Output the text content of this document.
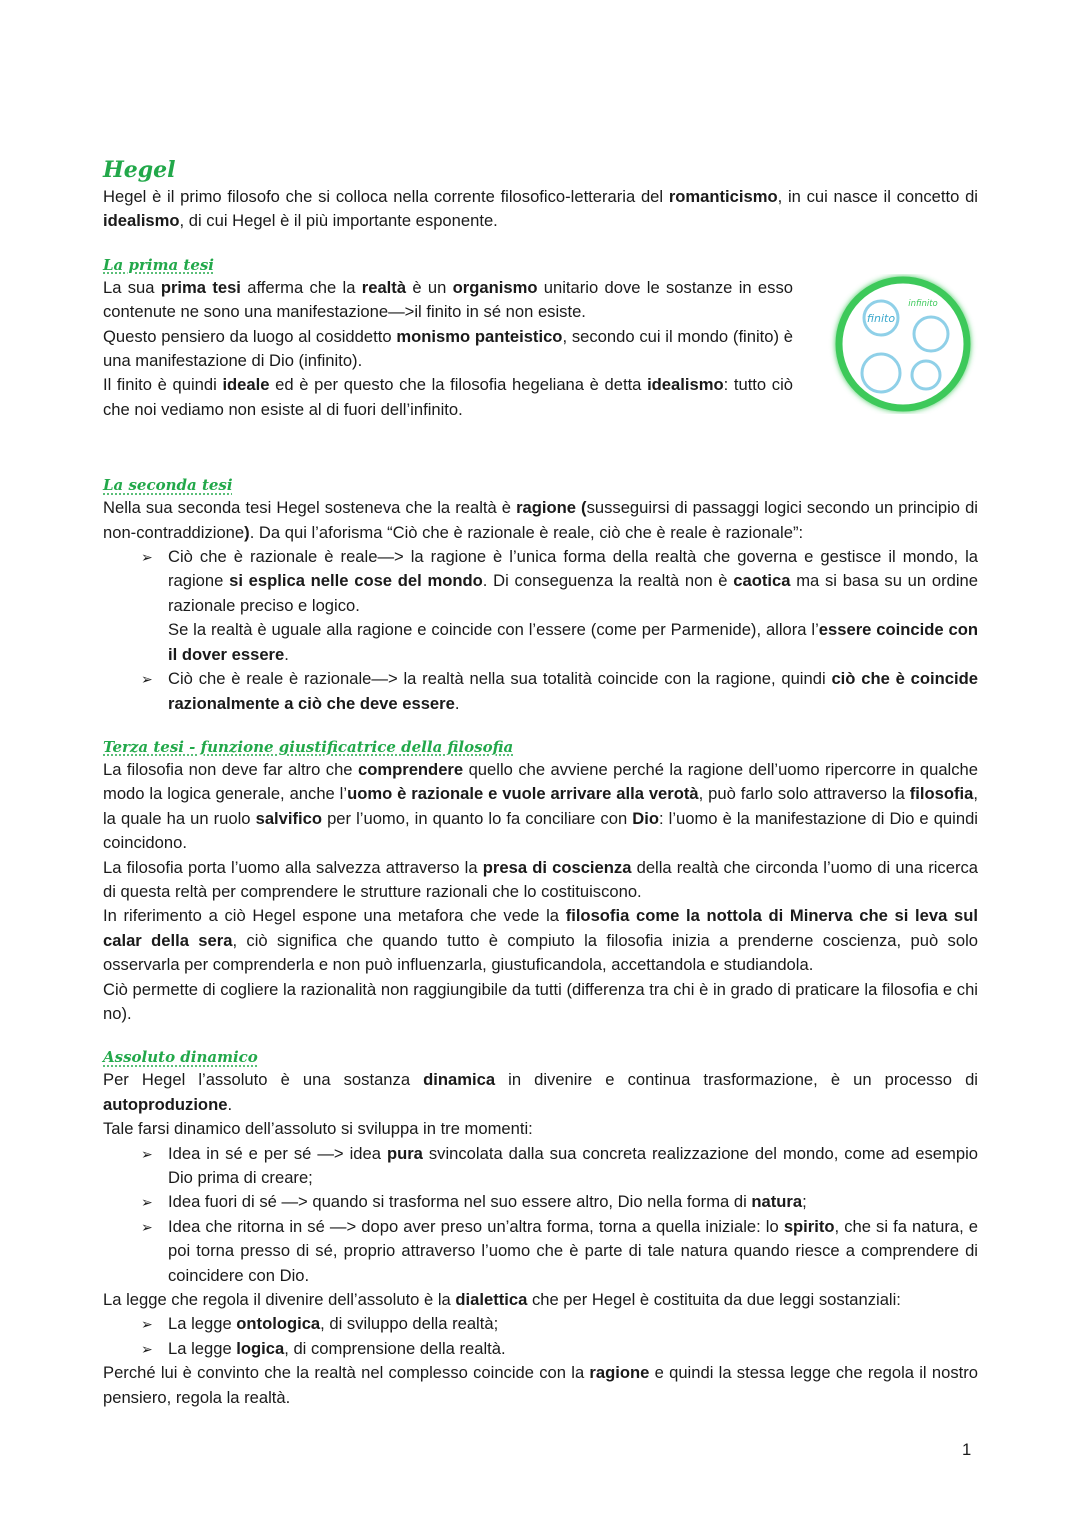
Hegel

Hegel è il primo filosofo che si colloca nella corrente filosofico-letteraria del romanticismo, in cui nasce il concetto di idealismo, di cui Hegel è il più importante esponente.

La prima tesi

La sua prima tesi afferma che la realtà è un organismo unitario dove le sostanze in esso contenute ne sono una manifestazione—>il finito in sé non esiste.

Questo pensiero da luogo al cosiddetto monismo panteistico, secondo cui il mondo (finito) è una manifestazione di Dio (infinito).

Il finito è quindi ideale ed è per questo che la filosofia hegeliana è detta idealismo: tutto ciò che noi vediamo non esiste al di fuori dell’infinito.

finito
infinito
La seconda tesi

Nella sua seconda tesi Hegel sosteneva che la realtà è ragione (susseguirsi di passaggi logici secondo un principio di non-contraddizione). Da qui l’aforisma “Ciò che è razionale è reale, ciò che è reale è razionale”:

➢ Ciò che è razionale è reale—> la ragione è l’unica forma della realtà che governa e gestisce il mondo, la ragione si esplica nelle cose del mondo. Di conseguenza la realtà non è caotica ma si basa su un ordine razionale preciso e logico.

Se la realtà è uguale alla ragione e coincide con l’essere (come per Parmenide), allora l’essere coincide con il dover essere.

➢ Ciò che è reale è razionale—> la realtà nella sua totalità coincide con la ragione, quindi ciò che è coincide razionalmente a ciò che deve essere.
Terza tesi - funzione giustificatrice della filosofia

La filosofia non deve far altro che comprendere quello che avviene perché la ragione dell’uomo ripercorre in qualche modo la logica generale, anche l’uomo è razionale e vuole arrivare alla verotà, può farlo solo attraverso la filosofia, la quale ha un ruolo salvifico per l’uomo, in quanto lo fa conciliare con Dio: l’uomo è la manifestazione di Dio e quindi coincidono.

La filosofia porta l’uomo alla salvezza attraverso la presa di coscienza della realtà che circonda l’uomo di una ricerca di questa reltà per comprendere le strutture razionali che lo costituiscono.

In riferimento a ciò Hegel espone una metafora che vede la filosofia come la nottola di Minerva che si leva sul calar della sera, ciò significa che quando tutto è compiuto la filosofia inizia a prenderne coscienza, può solo osservarla per comprenderla e non può influenzarla, giustuficandola, accettandola e studiandola.

Ciò permette di cogliere la razionalità non raggiungibile da tutti (differenza tra chi è in grado di praticare la filosofia e chi no).

Assoluto dinamico

Per Hegel l’assoluto è una sostanza dinamica in divenire e continua trasformazione, è un processo di autoproduzione.

Tale farsi dinamico dell’assoluto si sviluppa in tre momenti:

➢ Idea in sé e per sé —> idea pura svincolata dalla sua concreta realizzazione del mondo, come ad esempio Dio prima di creare;
➢ Idea fuori di sé —> quando si trasforma nel suo essere altro, Dio nella forma di natura;
➢ Idea che ritorna in sé —> dopo aver preso un’altra forma, torna a quella iniziale: lo spirito, che si fa natura, e poi torna presso di sé, proprio attraverso l’uomo che è parte di tale natura quando riesce a comprendere di coincidere con Dio.

La legge che regola il divenire dell’assoluto è la dialettica che per Hegel è costituita da due leggi sostanziali:

➢ La legge ontologica, di sviluppo della realtà;
➢ La legge logica, di comprensione della realtà.

Perché lui è convinto che la realtà nel complesso coincide con la ragione e quindi la stessa legge che regola il nostro pensiero, regola la realtà.

1
